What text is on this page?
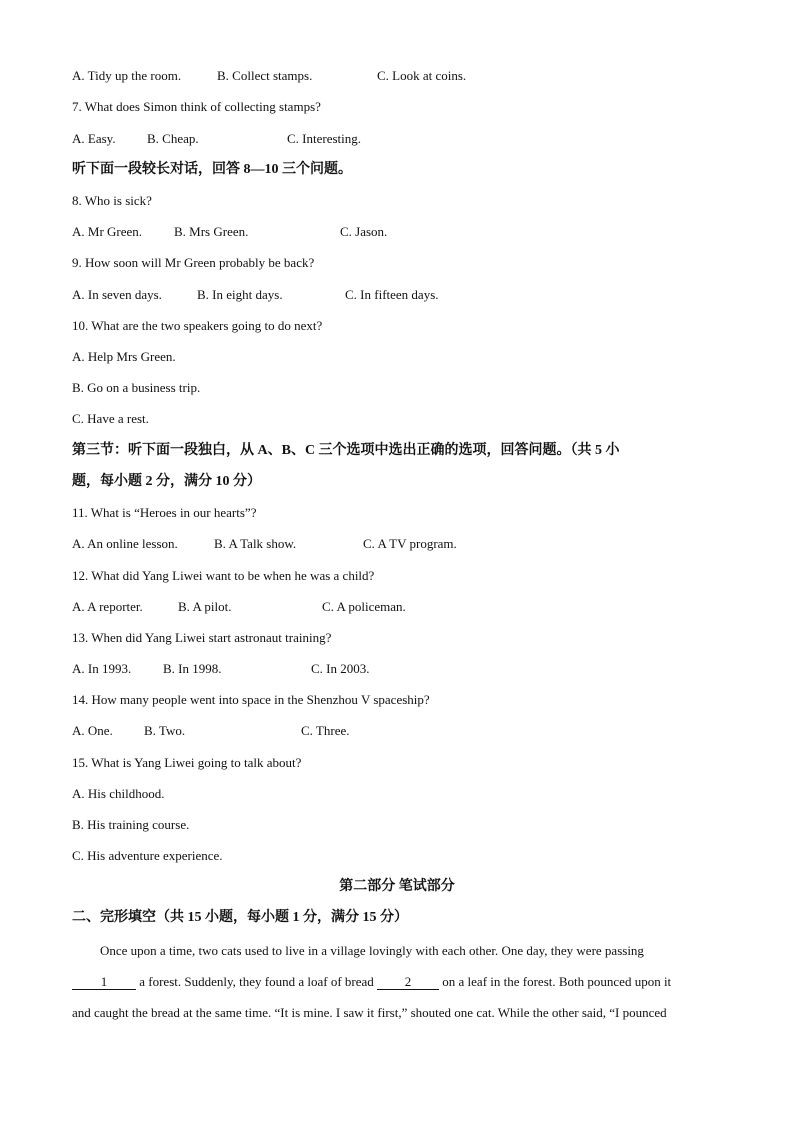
A. Tidy up the room.	B. Collect stamps.	C. Look at coins.
7. What does Simon think of collecting stamps?
A. Easy. B. Cheap.	C. Interesting.
听下面一段较长对话，回答 8—10 三个问题。
8. Who is sick?
A. Mr Green. B. Mrs Green.	C. Jason.
9. How soon will Mr Green probably be back?
A. In seven days.	B. In eight days.	C. In fifteen days.
10. What are the two speakers going to do next?
A. Help Mrs Green.
B. Go on a business trip.
C. Have a rest.
第三节：听下面一段独白，从 A、B、C 三个选项中选出正确的选项，回答问题。（共 5 小
题，每小题 2 分，满分 10 分）
11. What is “Heroes in our hearts”?
A. An online lesson.	B. A Talk show.	C. A TV program.
12. What did Yang Liwei want to be when he was a child?
A. A reporter.	B. A pilot.	C. A policeman.
13. When did Yang Liwei start astronaut training?
A. In 1993. B. In 1998.	C. In 2003.
14. How many people went into space in the Shenzhou V spaceship?
A. One. B. Two.	C. Three.
15. What is Yang Liwei going to talk about?
A. His childhood.
B. His training course.
C. His adventure experience.
第二部分 笔试部分
二、完形填空（共 15 小题，每小题 1 分，满分 15 分）
Once upon a time, two cats used to live in a village lovingly with each other. One day, they were passing
1 a forest. Suddenly, they found a loaf of bread 2 on a leaf in the forest. Both pounced upon it
and caught the bread at the same time. “It is mine. I saw it first,” shouted one cat. While the other said, “I pounced
